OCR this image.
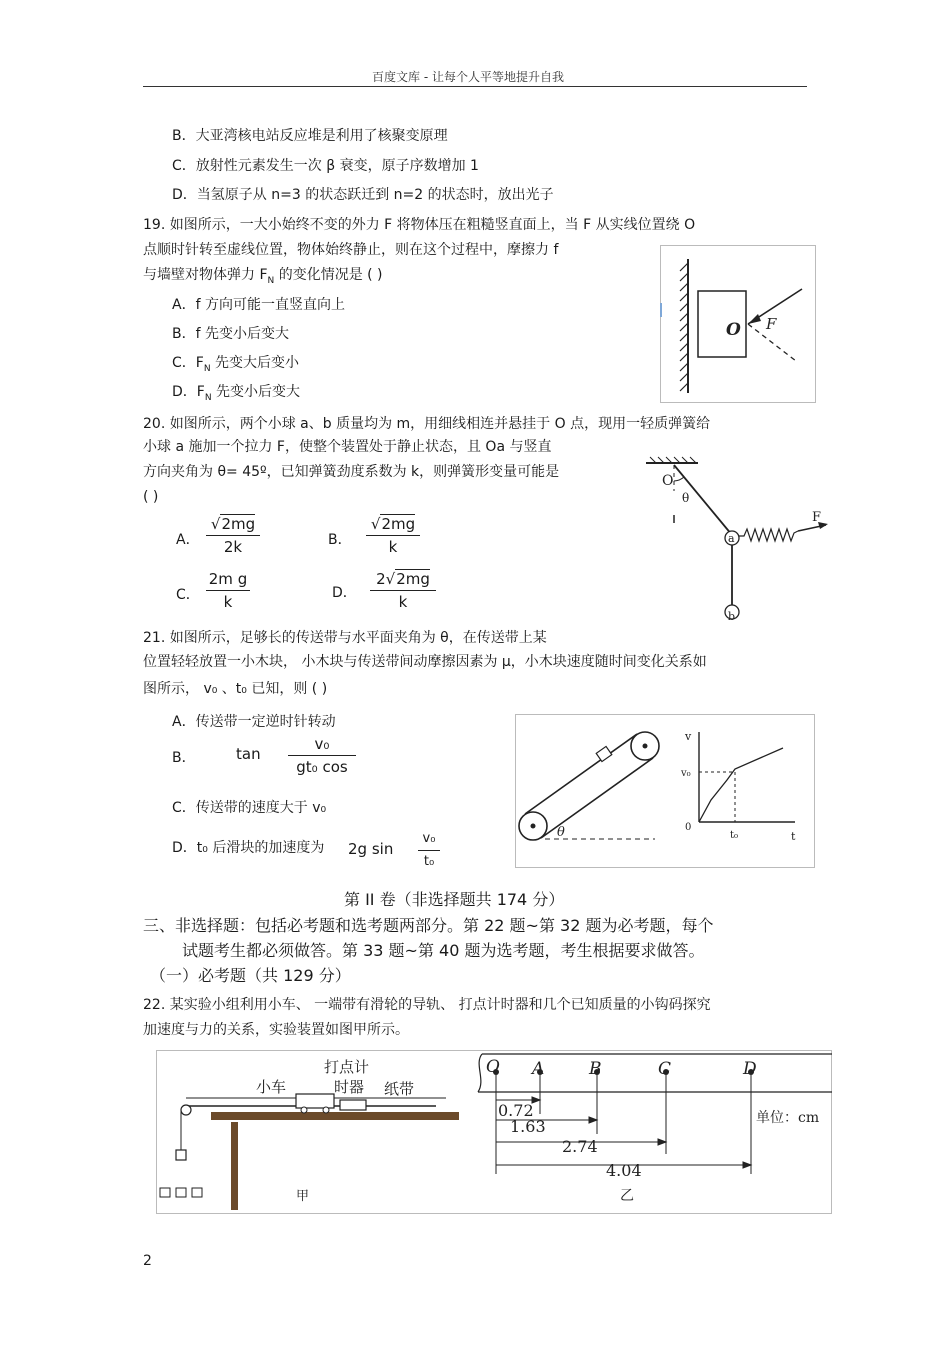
百度文库 - 让每个人平等地提升自我
B．大亚湾核电站反应堆是利用了核聚变原理
C．放射性元素发生一次 β 衰变，原子序数增加 1
D．当氢原子从 n=3 的状态跃迁到 n=2 的状态时，放出光子
19. 如图所示，一大小始终不变的外力 F 将物体压在粗糙竖直面上，当 F 从实线位置绕 O
点顺时针转至虚线位置，物体始终静止，则在这个过程中，摩擦力 f
与墙壁对物体弹力 $F_N$ 的变化情况是 ( )
A．f 方向可能一直竖直向上
B．f 先变小后变大
C．$F_N$ 先变大后变小
D．$F_N$ 先变小后变大
O F
20. 如图所示，两个小球 a、b 质量均为 m，用细线相连并悬挂于 O 点，现用一轻质弹簧给
小球 a 施加一个拉力 F，使整个装置处于静止状态，且 Oa 与竖直
方向夹角为 θ= 45º，已知弹簧劲度系数为 k，则弹簧形变量可能是
( )
A．
√2mg
2k	B．
√2mg
k
C．
2m g
k	D．
2√2mg
k
O
θ
a
F
b
21. 如图所示，足够长的传送带与水平面夹角为 θ，在传送带上某
位置轻轻放置一小木块， 小木块与传送带间动摩擦因素为 μ，小木块速度随时间变化关系如
图所示， v₀ 、t₀ 已知，则 ( )
A．传送带一定逆时针转动
B．	tan
v₀
gt₀ cos
C．传送带的速度大于 v₀
D．t₀ 后滑块的加速度为 2g sin
v₀
t₀
θ
v
v₀
0
t₀	t
第 II 卷（非选择题共 174 分）
三、非选择题：包括必考题和选考题两部分。第 22 题~第 32 题为必考题，每个
试题考生都必须做答。第 33 题~第 40 题为选考题，考生根据要求做答。
（一）必考题（共 129 分）
22. 某实验小组利用小车、 一端带有滑轮的导轨、 打点计时器和几个已知质量的小钩码探究
加速度与力的关系，实验装置如图甲所示。
打点计
时器
小车	纸带
甲
O A	B	C	D
0.72
1.63
2.74
4.04
单位：cm
乙
2
